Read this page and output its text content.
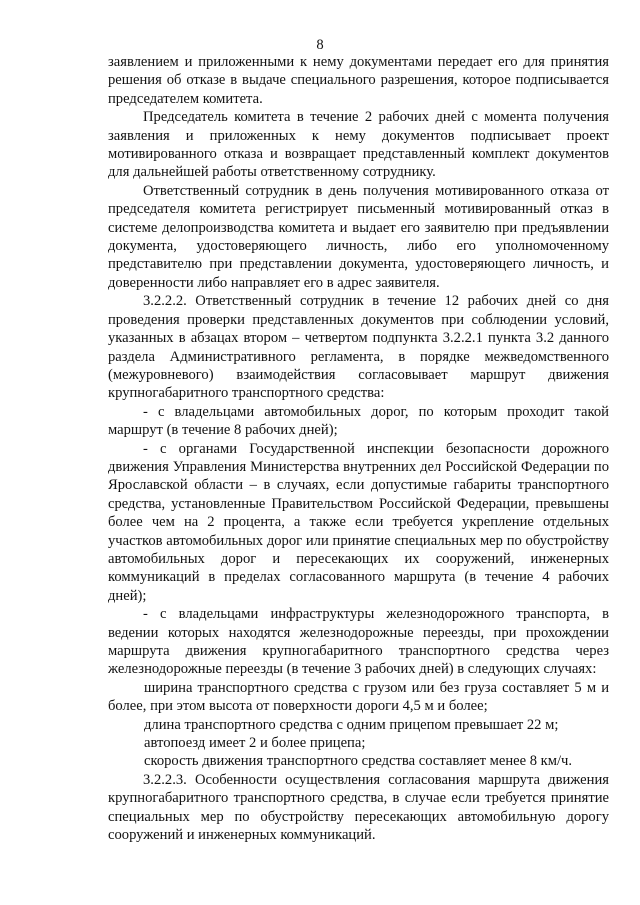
8

заявлением и приложенными к нему документами передает его для принятия решения об отказе в выдаче специального разрешения, которое подписывается председателем комитета.

Председатель комитета в течение 2 рабочих дней с момента получения заявления и приложенных к нему документов подписывает проект мотивированного отказа и возвращает представленный комплект документов для дальнейшей работы ответственному сотруднику.

Ответственный сотрудник в день получения мотивированного отказа от председателя комитета регистрирует письменный мотивированный отказ в системе делопроизводства комитета и выдает его заявителю при предъявлении документа, удостоверяющего личность, либо его уполномоченному представителю при представлении документа, удостоверяющего личность, и доверенности либо направляет его в адрес заявителя.

3.2.2.2. Ответственный сотрудник в течение 12 рабочих дней со дня проведения проверки представленных документов при соблюдении условий, указанных в абзацах втором – четвертом подпункта 3.2.2.1 пункта 3.2 данного раздела Административного регламента, в порядке межведомственного (межуровневого) взаимодействия согласовывает маршрут движения крупногабаритного транспортного средства:

- с владельцами автомобильных дорог, по которым проходит такой маршрут (в течение 8 рабочих дней);

- с органами Государственной инспекции безопасности дорожного движения Управления Министерства внутренних дел Российской Федерации по Ярославской области – в случаях, если допустимые габариты транспортного средства, установленные Правительством Российской Федерации, превышены более чем на 2 процента, а также если требуется укрепление отдельных участков автомобильных дорог или принятие специальных мер по обустройству автомобильных дорог и пересекающих их сооружений, инженерных коммуникаций в пределах согласованного маршрута (в течение 4 рабочих дней);

- с владельцами инфраструктуры железнодорожного транспорта, в ведении которых находятся железнодорожные переезды, при прохождении маршрута движения крупногабаритного транспортного средства через железнодорожные переезды (в течение 3 рабочих дней) в следующих случаях:

ширина транспортного средства с грузом или без груза составляет 5 м и более, при этом высота от поверхности дороги 4,5 м и более;

длина транспортного средства с одним прицепом превышает 22 м;

автопоезд имеет 2 и более прицепа;

скорость движения транспортного средства составляет менее 8 км/ч.

3.2.2.3. Особенности осуществления согласования маршрута движения крупногабаритного транспортного средства, в случае если требуется принятие специальных мер по обустройству пересекающих автомобильную дорогу сооружений и инженерных коммуникаций.
